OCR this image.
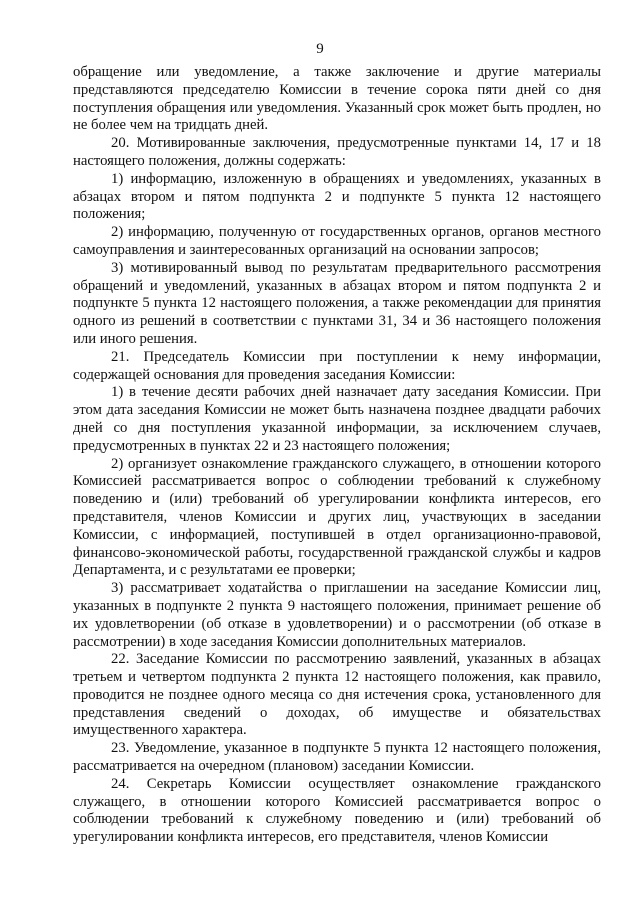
9

обращение или уведомление, а также заключение и другие материалы представляются председателю Комиссии в течение сорока пяти дней со дня поступления обращения или уведомления. Указанный срок может быть продлен, но не более чем на тридцать дней.

20. Мотивированные заключения, предусмотренные пунктами 14, 17 и 18 настоящего положения, должны содержать:

1) информацию, изложенную в обращениях и уведомлениях, указанных в абзацах втором и пятом подпункта 2 и подпункте 5 пункта 12 настоящего положения;

2) информацию, полученную от государственных органов, органов местного самоуправления и заинтересованных организаций на основании запросов;

3) мотивированный вывод по результатам предварительного рассмотрения обращений и уведомлений, указанных в абзацах втором и пятом подпункта 2 и подпункте 5 пункта 12 настоящего положения, а также рекомендации для принятия одного из решений в соответствии с пунктами 31, 34 и 36 настоящего положения или иного решения.

21. Председатель Комиссии при поступлении к нему информации, содержащей основания для проведения заседания Комиссии:

1) в течение десяти рабочих дней назначает дату заседания Комиссии. При этом дата заседания Комиссии не может быть назначена позднее двадцати рабочих дней со дня поступления указанной информации, за исключением случаев, предусмотренных в пунктах 22 и 23 настоящего положения;

2) организует ознакомление гражданского служащего, в отношении которого Комиссией рассматривается вопрос о соблюдении требований к служебному поведению и (или) требований об урегулировании конфликта интересов, его представителя, членов Комиссии и других лиц, участвующих в заседании Комиссии, с информацией, поступившей в отдел организационно-правовой, финансово-экономической работы, государственной гражданской службы и кадров Департамента, и с результатами ее проверки;

3) рассматривает ходатайства о приглашении на заседание Комиссии лиц, указанных в подпункте 2 пункта 9 настоящего положения, принимает решение об их удовлетворении (об отказе в удовлетворении) и о рассмотрении (об отказе в рассмотрении) в ходе заседания Комиссии дополнительных материалов.

22. Заседание Комиссии по рассмотрению заявлений, указанных в абзацах третьем и четвертом подпункта 2 пункта 12 настоящего положения, как правило, проводится не позднее одного месяца со дня истечения срока, установленного для представления сведений о доходах, об имуществе и обязательствах имущественного характера.

23. Уведомление, указанное в подпункте 5 пункта 12 настоящего положения, рассматривается на очередном (плановом) заседании Комиссии.

24. Секретарь Комиссии осуществляет ознакомление гражданского служащего, в отношении которого Комиссией рассматривается вопрос о соблюдении требований к служебному поведению и (или) требований об урегулировании конфликта интересов, его представителя, членов Комиссии
